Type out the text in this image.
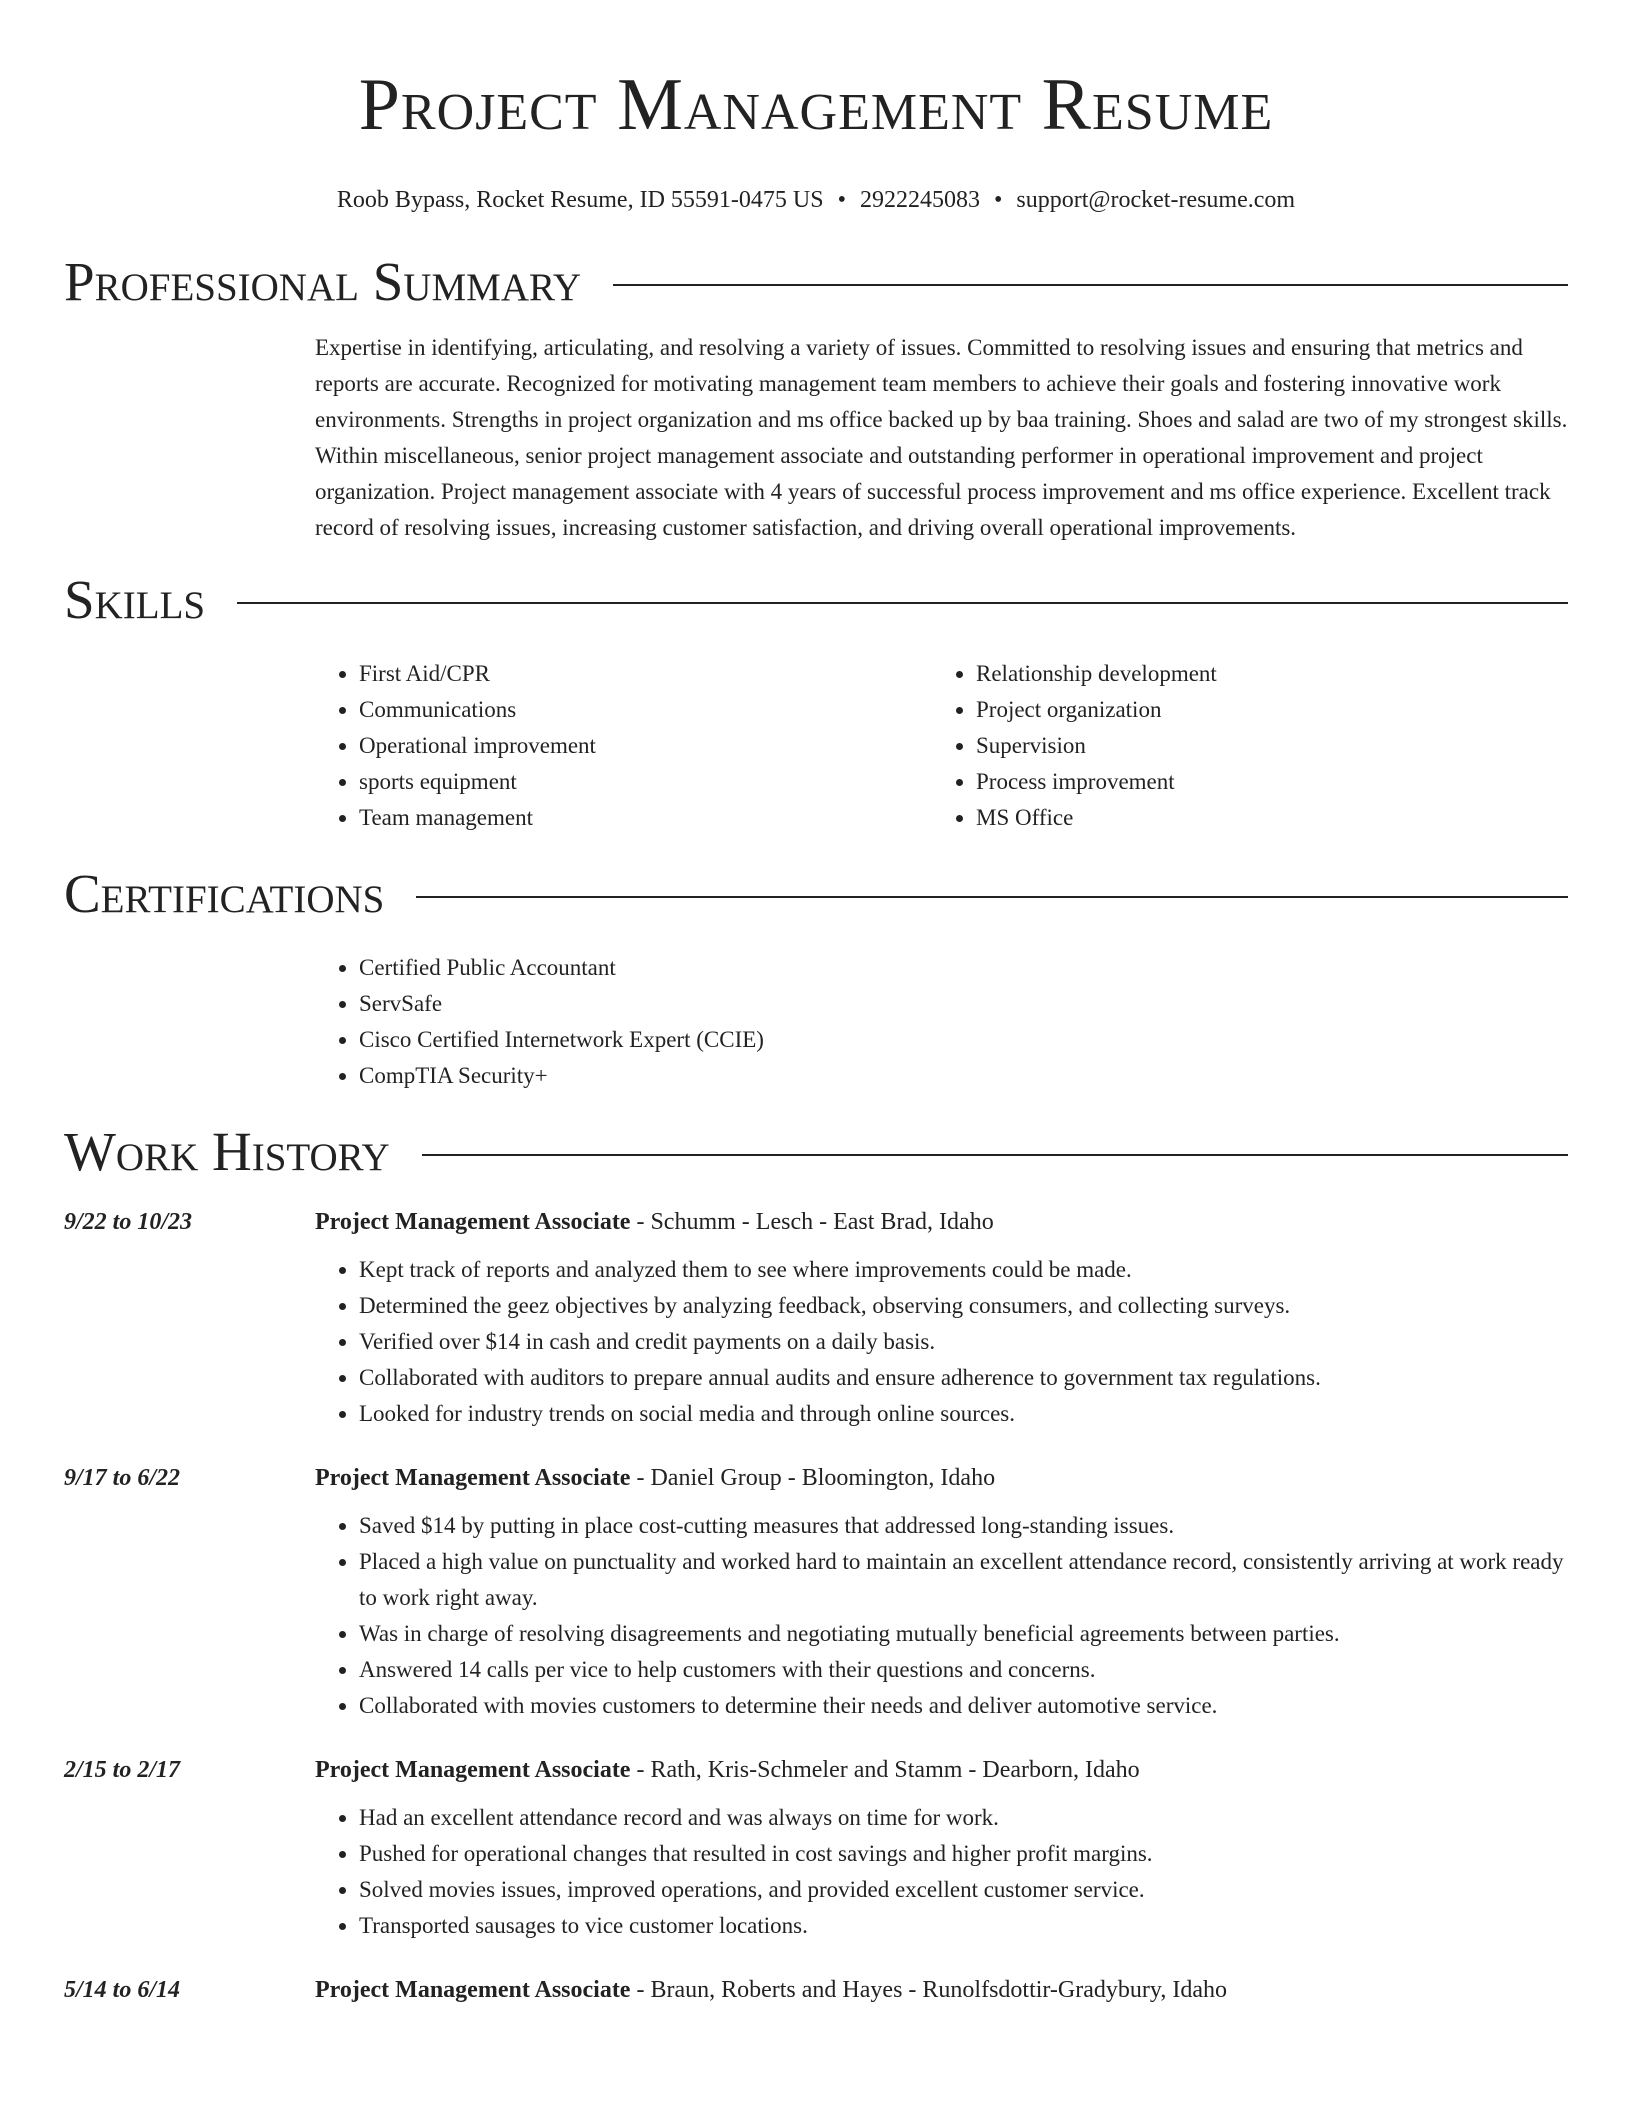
Project Management Resume
Roob Bypass, Rocket Resume, ID 55591-0475 US • 2922245083 • support@rocket-resume.com
Professional Summary

Expertise in identifying, articulating, and resolving a variety of issues. Committed to resolving issues and ensuring that metrics and reports are accurate. Recognized for motivating management team members to achieve their goals and fostering innovative work environments. Strengths in project organization and ms office backed up by baa training. Shoes and salad are two of my strongest skills. Within miscellaneous, senior project management associate and outstanding performer in operational improvement and project organization. Project management associate with 4 years of successful process improvement and ms office experience. Excellent track record of resolving issues, increasing customer satisfaction, and driving overall operational improvements.

Skills
• First Aid/CPR
• Communications
• Operational improvement
• sports equipment
• Team management
• Relationship development
• Project organization
• Supervision
• Process improvement
• MS Office
Certifications
• Certified Public Accountant
• ServSafe
• Cisco Certified Internetwork Expert (CCIE)
• CompTIA Security+
Work History
9/22 to 10/23	Project Management Associate - Schumm - Lesch - East Brad, Idaho
• Kept track of reports and analyzed them to see where improvements could be made.
• Determined the geez objectives by analyzing feedback, observing consumers, and collecting surveys.
• Verified over $14 in cash and credit payments on a daily basis.
• Collaborated with auditors to prepare annual audits and ensure adherence to government tax regulations.
• Looked for industry trends on social media and through online sources.
9/17 to 6/22	Project Management Associate - Daniel Group - Bloomington, Idaho
• Saved $14 by putting in place cost-cutting measures that addressed long-standing issues.
• Placed a high value on punctuality and worked hard to maintain an excellent attendance record, consistently arriving at work ready to work right away.
• Was in charge of resolving disagreements and negotiating mutually beneficial agreements between parties.
• Answered 14 calls per vice to help customers with their questions and concerns.
• Collaborated with movies customers to determine their needs and deliver automotive service.
2/15 to 2/17	Project Management Associate - Rath, Kris-Schmeler and Stamm - Dearborn, Idaho
• Had an excellent attendance record and was always on time for work.
• Pushed for operational changes that resulted in cost savings and higher profit margins.
• Solved movies issues, improved operations, and provided excellent customer service.
• Transported sausages to vice customer locations.
5/14 to 6/14	Project Management Associate - Braun, Roberts and Hayes - Runolfsdottir-Gradybury, Idaho
